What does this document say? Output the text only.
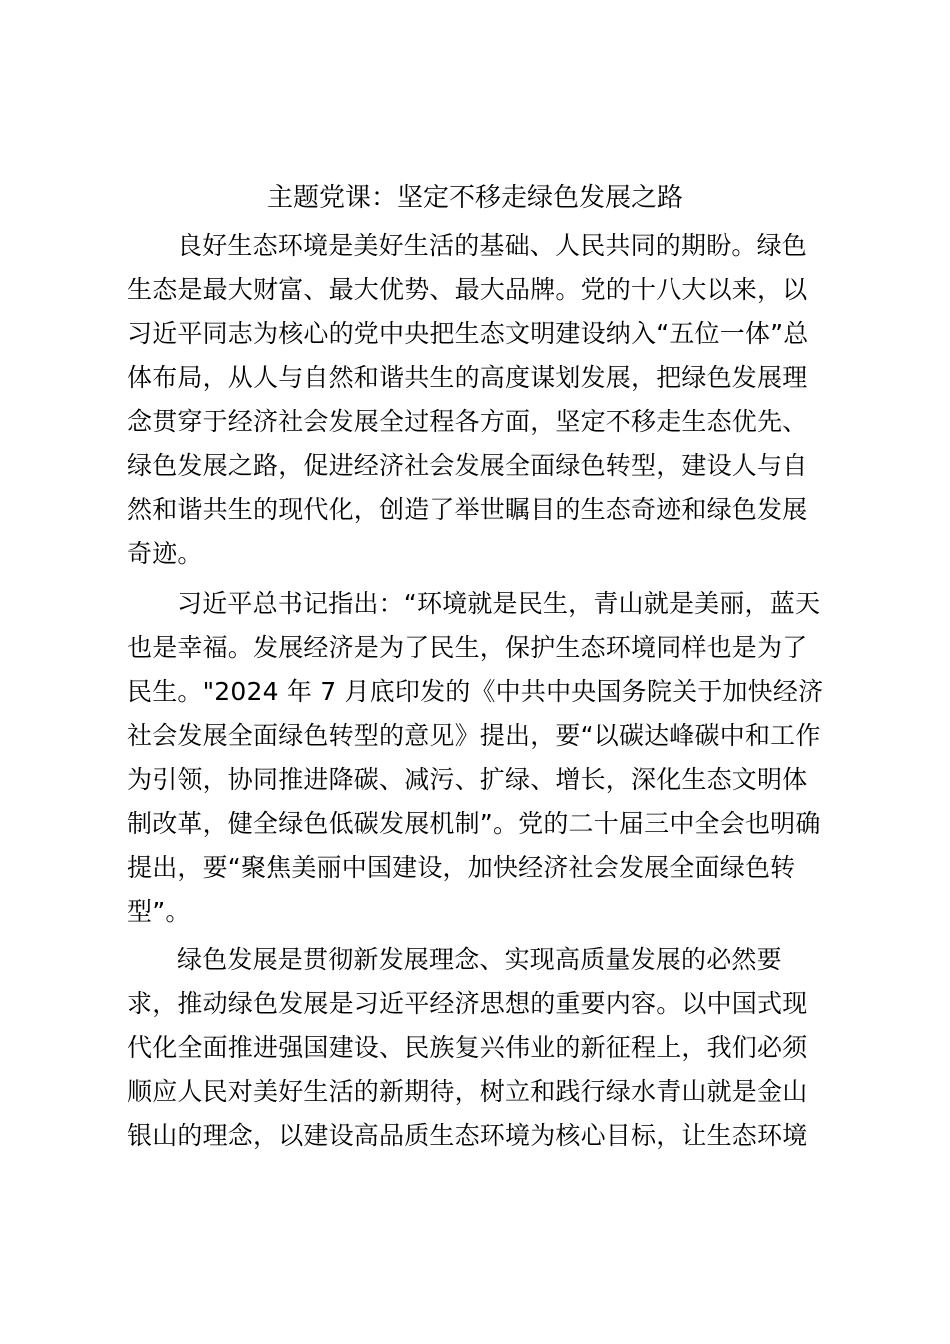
主题党课：坚定不移走绿色发展之路
良好生态环境是美好生活的基础、人民共同的期盼。绿色
生态是最大财富、最大优势、最大品牌。党的十八大以来，以
习近平同志为核心的党中央把生态文明建设纳入“五位一体”总
体布局，从人与自然和谐共生的高度谋划发展，把绿色发展理
念贯穿于经济社会发展全过程各方面，坚定不移走生态优先、
绿色发展之路，促进经济社会发展全面绿色转型，建设人与自
然和谐共生的现代化，创造了举世瞩目的生态奇迹和绿色发展
奇迹。
习近平总书记指出：“环境就是民生，青山就是美丽，蓝天
也是幸福。发展经济是为了民生，保护生态环境同样也是为了
民生。"2024 年 7 月底印发的《中共中央国务院关于加快经济
社会发展全面绿色转型的意见》提出，要“以碳达峰碳中和工作
为引领，协同推进降碳、减污、扩绿、增长，深化生态文明体
制改革，健全绿色低碳发展机制”。党的二十届三中全会也明确
提出，要“聚焦美丽中国建设，加快经济社会发展全面绿色转
型”。
绿色发展是贯彻新发展理念、实现高质量发展的必然要
求，推动绿色发展是习近平经济思想的重要内容。以中国式现
代化全面推进强国建设、民族复兴伟业的新征程上，我们必须
顺应人民对美好生活的新期待，树立和践行绿水青山就是金山
银山的理念，以建设高品质生态环境为核心目标，让生态环境
